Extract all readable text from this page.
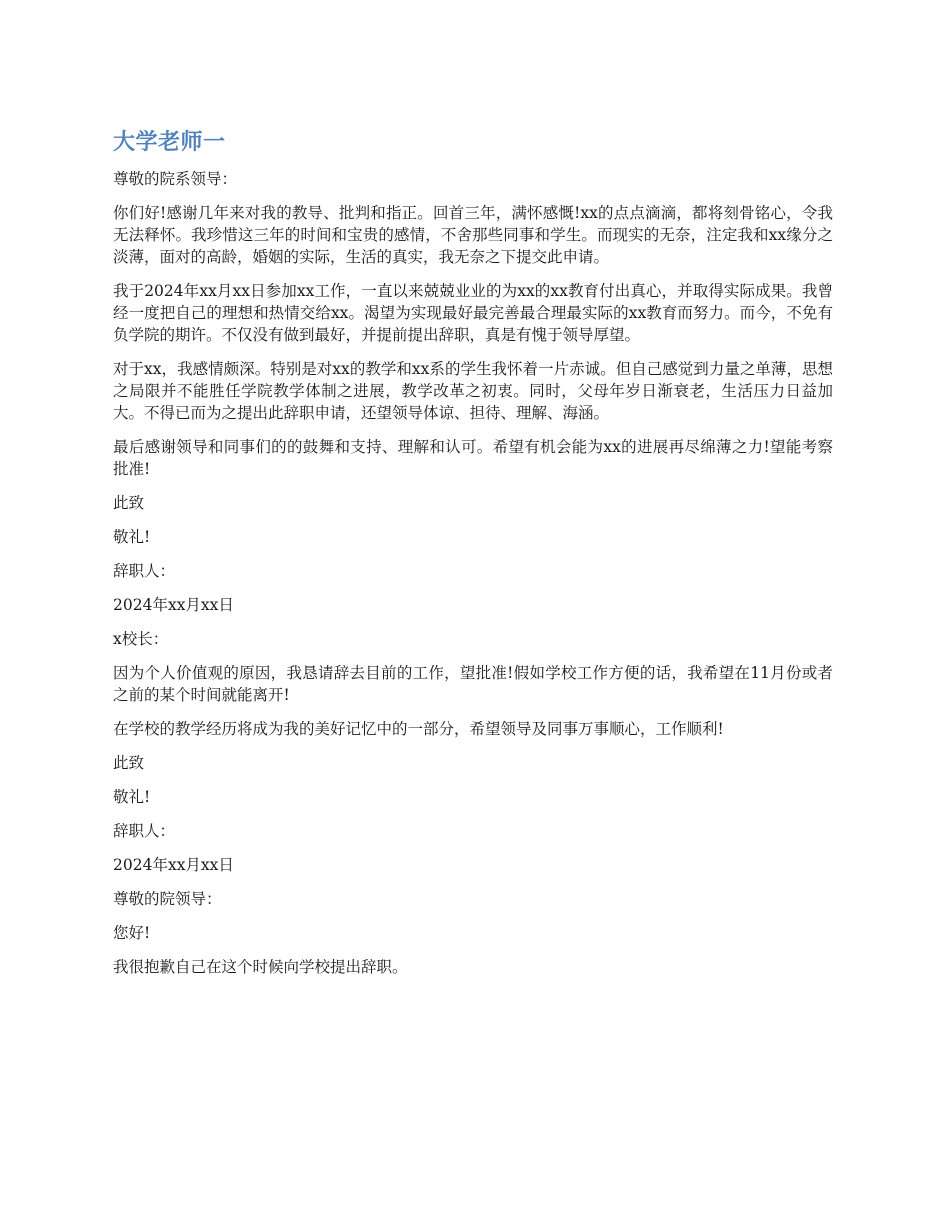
大学老师一

尊敬的院系领导：

你们好!感谢几年来对我的教导、批判和指正。回首三年，满怀感慨!xx的点点滴滴，都将刻骨铭心，令我无法释怀。我珍惜这三年的时间和宝贵的感情，不舍那些同事和学生。而现实的无奈，注定我和xx缘分之淡薄，面对的高龄，婚姻的实际，生活的真实，我无奈之下提交此申请。

我于2024年xx月xx日参加xx工作，一直以来兢兢业业的为xx的xx教育付出真心，并取得实际成果。我曾经一度把自己的理想和热情交给xx。渴望为实现最好最完善最合理最实际的xx教育而努力。而今，不免有负学院的期许。不仅没有做到最好，并提前提出辞职，真是有愧于领导厚望。

对于xx，我感情颇深。特别是对xx的教学和xx系的学生我怀着一片赤诚。但自己感觉到力量之单薄，思想之局限并不能胜任学院教学体制之进展，教学改革之初衷。同时，父母年岁日渐衰老，生活压力日益加大。不得已而为之提出此辞职申请，还望领导体谅、担待、理解、海涵。

最后感谢领导和同事们的的鼓舞和支持、理解和认可。希望有机会能为xx的进展再尽绵薄之力!望能考察批准!

此致

敬礼!

辞职人：

2024年xx月xx日

x校长：

因为个人价值观的原因，我恳请辞去目前的工作，望批准!假如学校工作方便的话，我希望在11月份或者之前的某个时间就能离开!

在学校的教学经历将成为我的美好记忆中的一部分，希望领导及同事万事顺心，工作顺利!

此致

敬礼!

辞职人：

2024年xx月xx日

尊敬的院领导：

您好!

我很抱歉自己在这个时候向学校提出辞职。
